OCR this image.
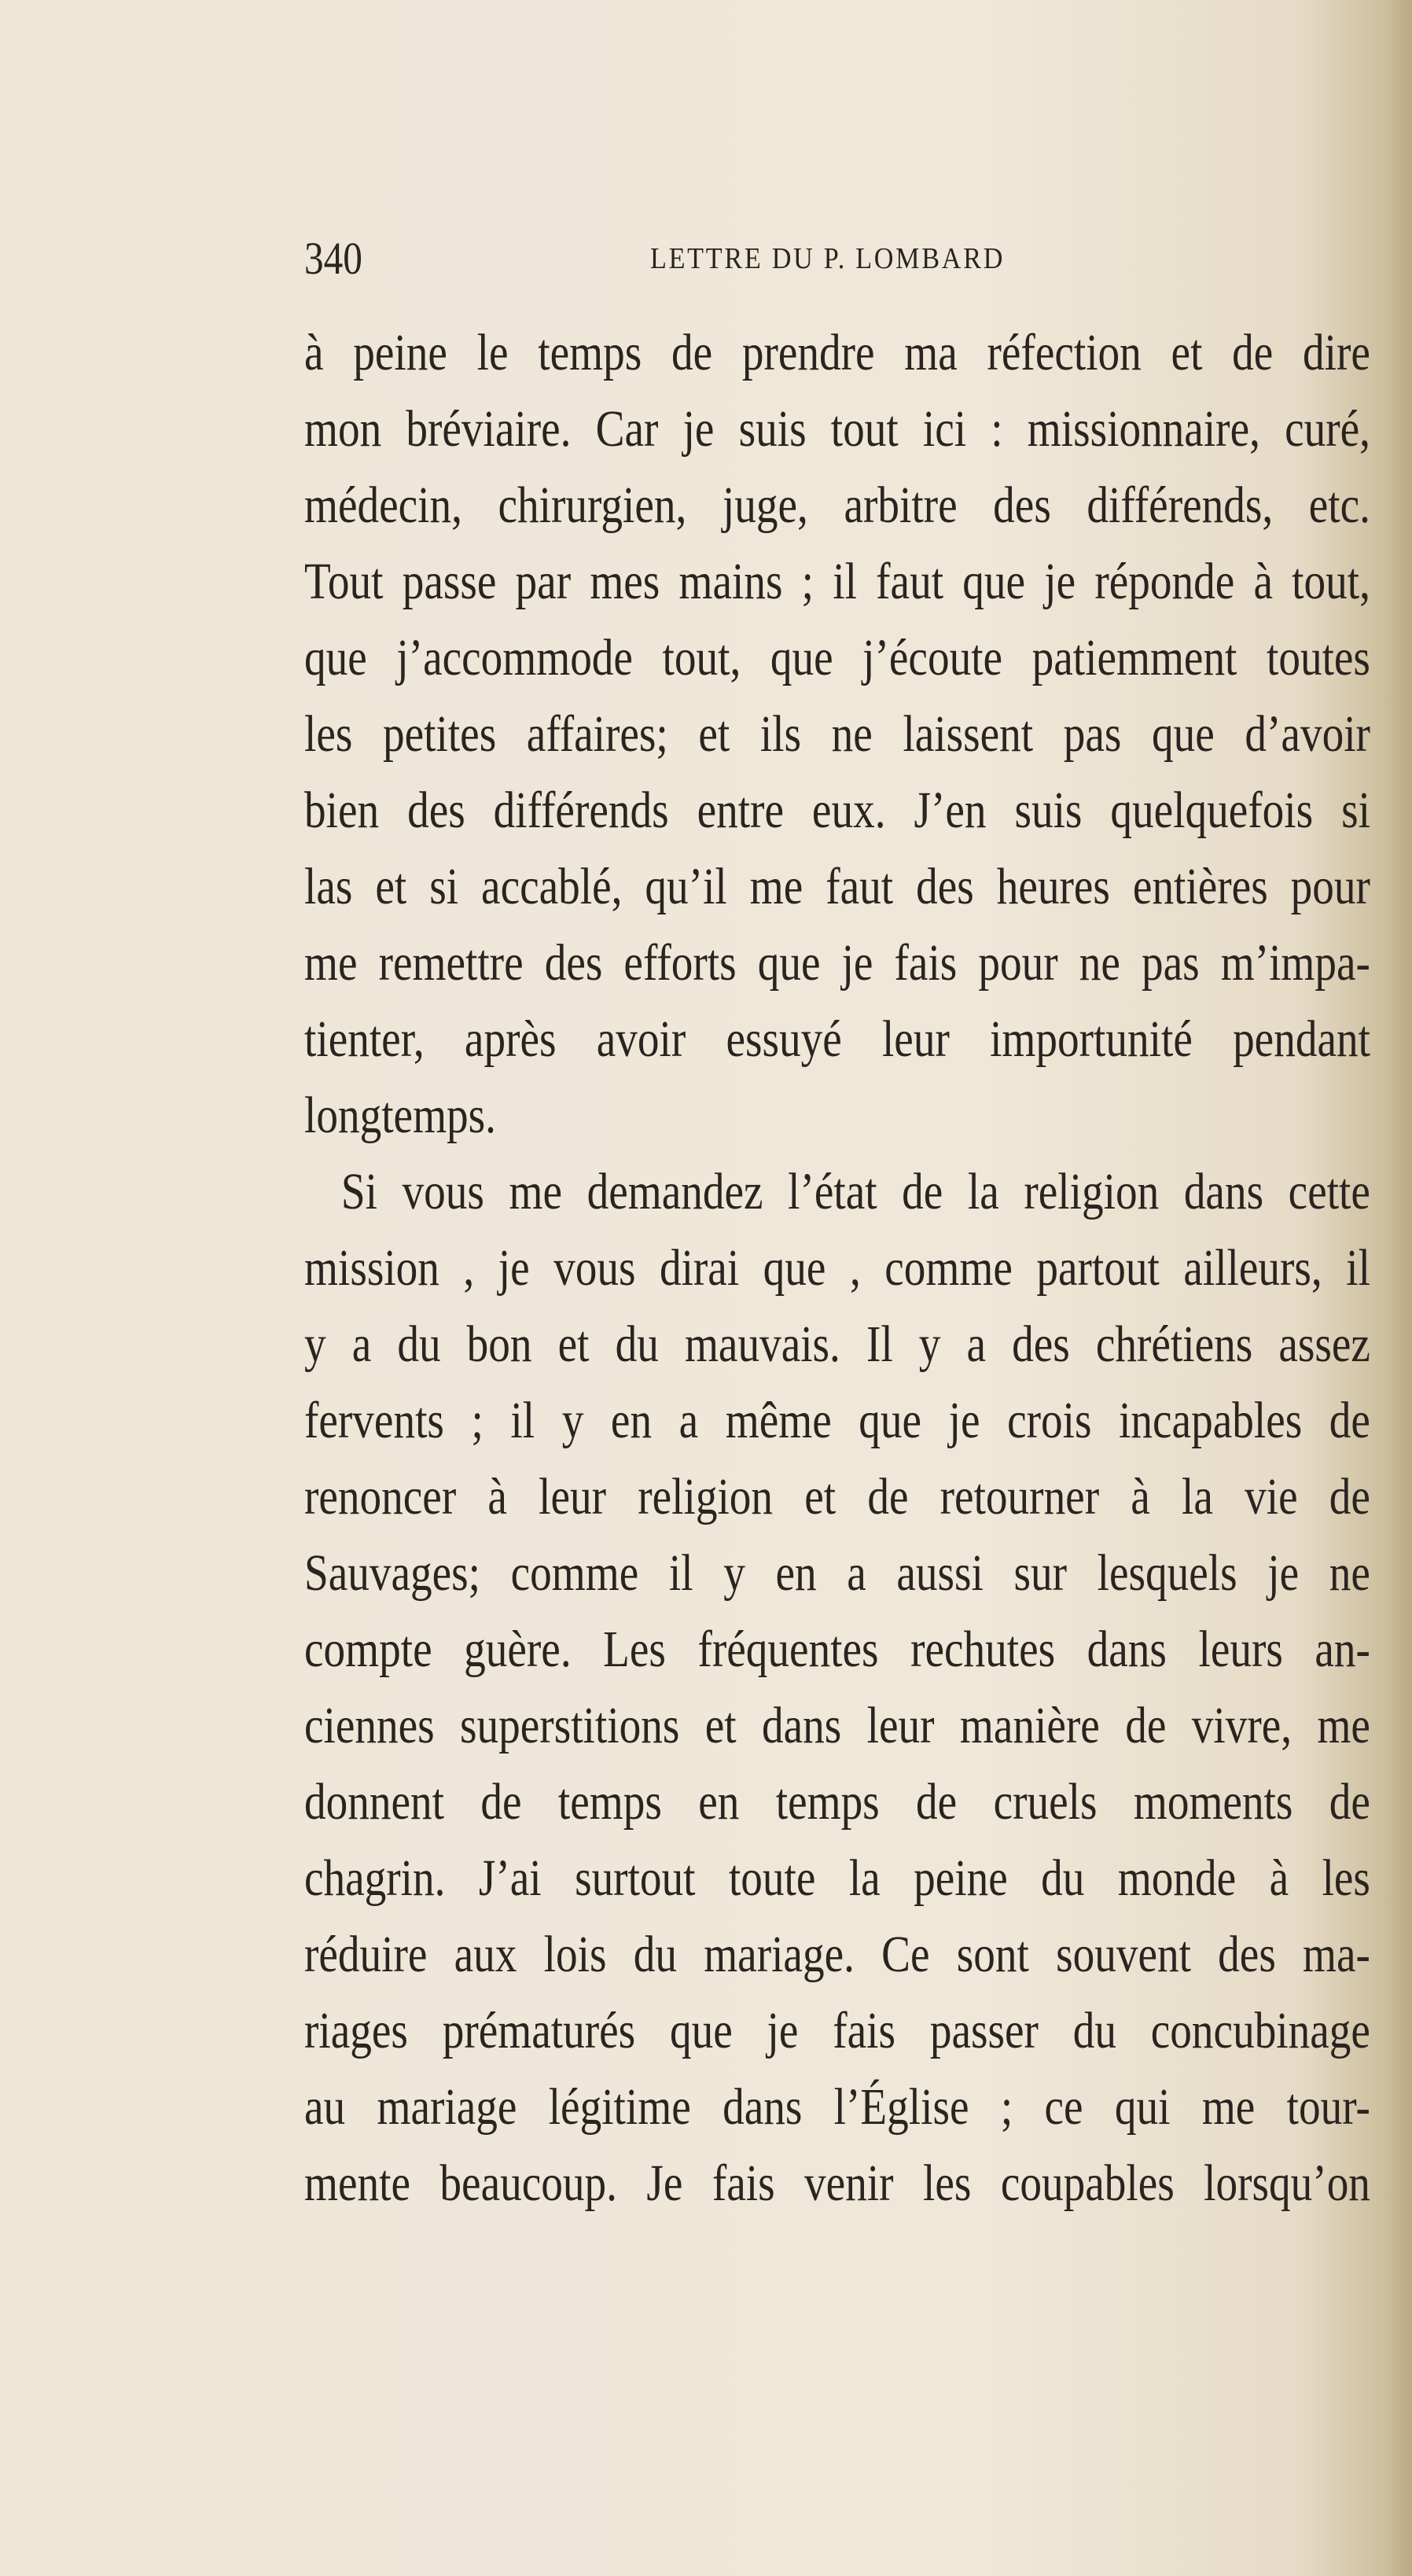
340	LETTRE DU P. LOMBARD
à peine le temps de prendre ma réfection et de dire
mon bréviaire. Car je suis tout ici : missionnaire, curé,
médecin, chirurgien, juge, arbitre des différends, etc.
Tout passe par mes mains ; il faut que je réponde à tout,
que j’accommode tout, que j’écoute patiemment toutes
les petites affaires; et ils ne laissent pas que d’avoir
bien des différends entre eux. J’en suis quelquefois si
las et si accablé, qu’il me faut des heures entières pour
me remettre des efforts que je fais pour ne pas m’impa-
tienter, après avoir essuyé leur importunité pendant
longtemps.
Si vous me demandez l’état de la religion dans cette
mission , je vous dirai que , comme partout ailleurs, il
y a du bon et du mauvais. Il y a des chrétiens assez
fervents ; il y en a même que je crois incapables de
renoncer à leur religion et de retourner à la vie de
Sauvages; comme il y en a aussi sur lesquels je ne
compte guère. Les fréquentes rechutes dans leurs an-
ciennes superstitions et dans leur manière de vivre, me
donnent de temps en temps de cruels moments de
chagrin. J’ai surtout toute la peine du monde à les
réduire aux lois du mariage. Ce sont souvent des ma-
riages prématurés que je fais passer du concubinage
au mariage légitime dans l’Église ; ce qui me tour-
mente beaucoup. Je fais venir les coupables lorsqu’on
